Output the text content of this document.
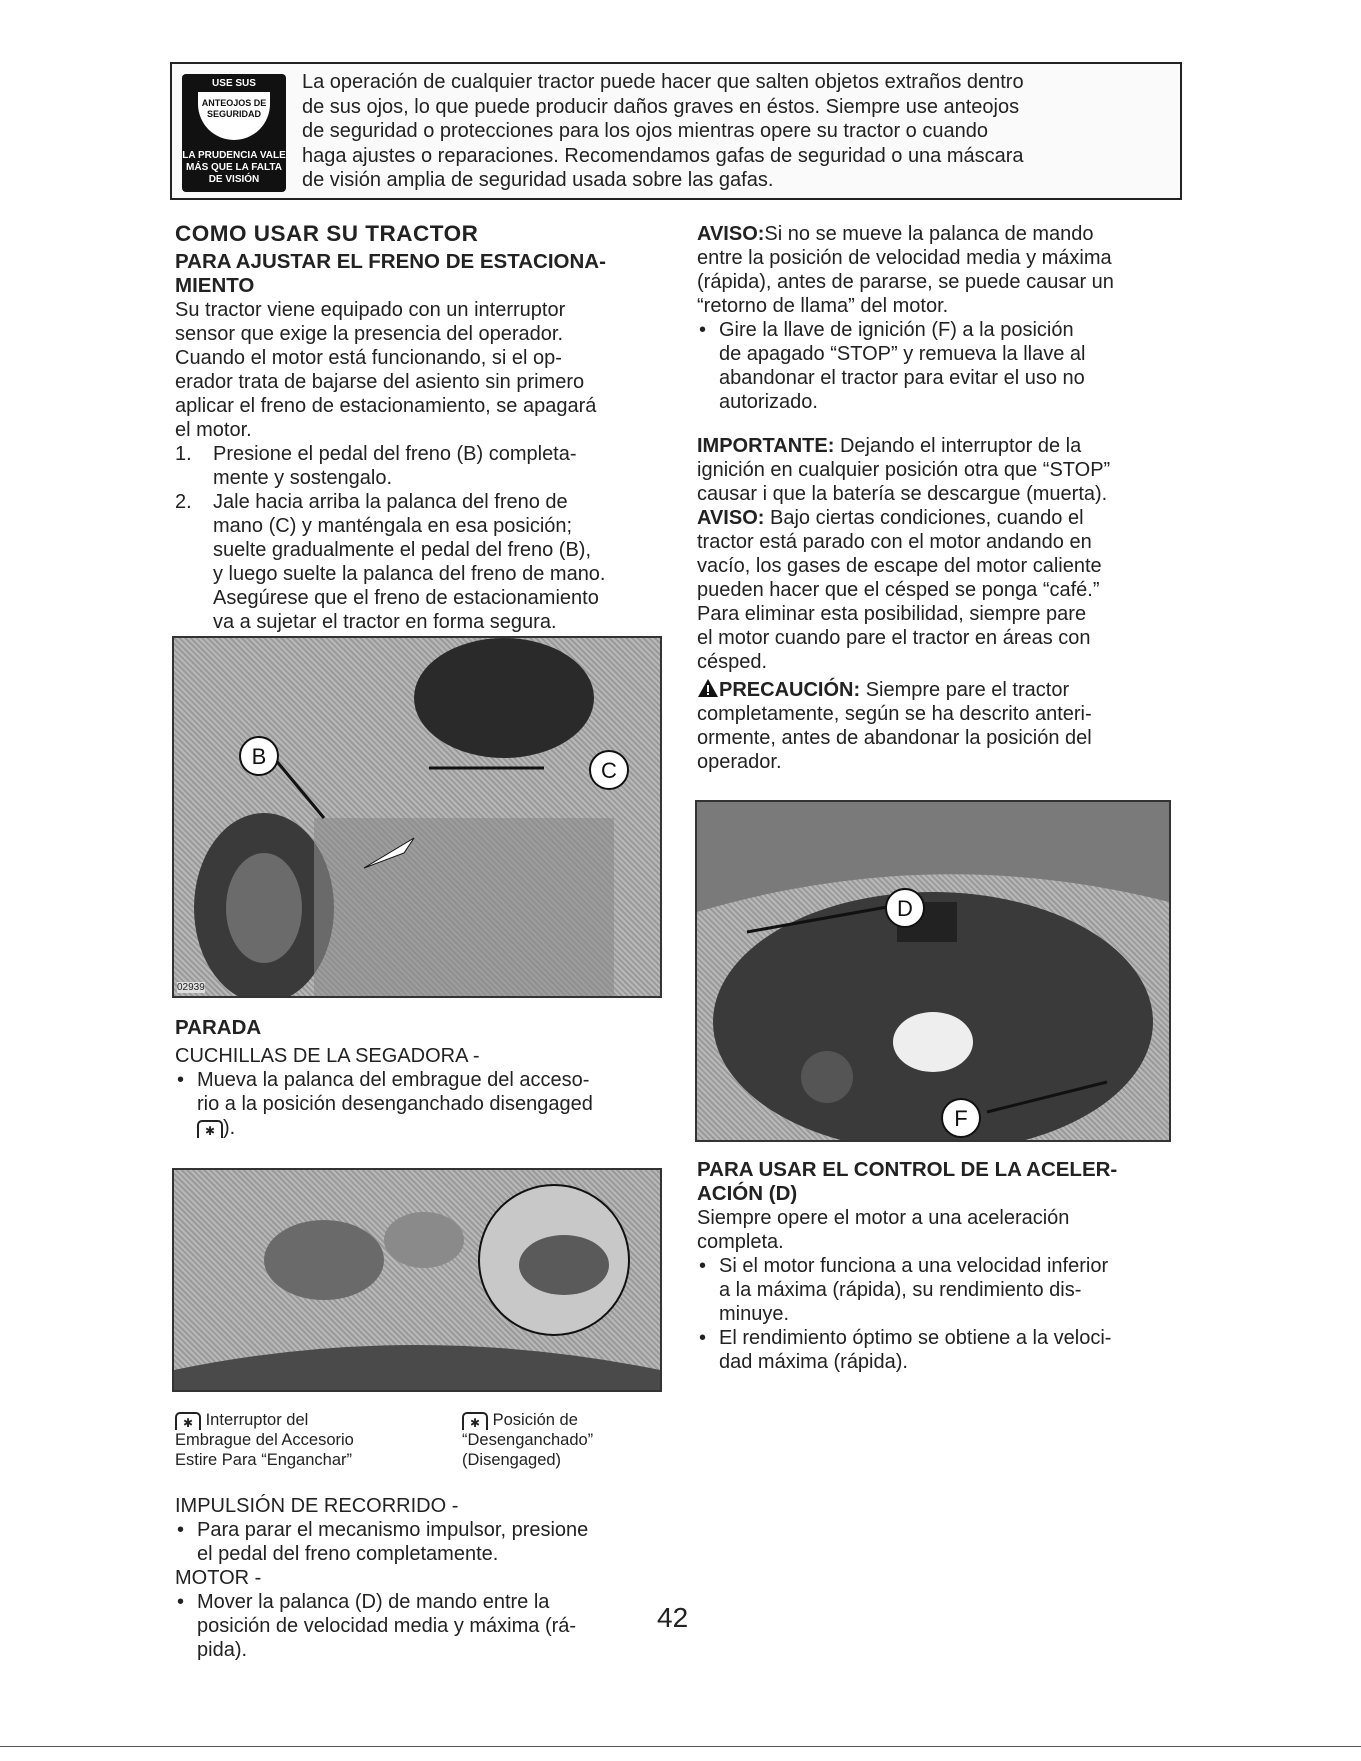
USE SUS
ANTEOJOS DE SEGURIDAD
LA PRUDENCIA VALE MÁS QUE LA FALTA DE VISIÓN
La operación de cualquier tractor puede hacer que salten objetos extraños dentro
de sus ojos, lo que puede producir daños graves en éstos. Siempre use anteojos
de seguridad o protecciones para los ojos mientras opere su tractor o cuando
haga ajustes o reparaciones. Recomendamos gafas de seguridad o una máscara
de visión amplia de seguridad usada sobre las gafas.
COMO USAR SU TRACTOR
PARA AJUSTAR EL FRENO DE ESTACIONA- MIENTO
Su tractor viene equipado con un interruptor
sensor que exige la presencia del operador.
Cuando el motor está funcionando, si el op-
erador trata de bajarse del asiento sin primero
aplicar el freno de estacionamiento, se apagará
el motor.
1. Presione el pedal del freno (B) completa-
mente y sostengalo.
2. Jale hacia arriba la palanca del freno de
mano (C) y manténgala en esa posición;
suelte gradualmente el pedal del freno (B),
y luego suelte la palanca del freno de mano.
Asegúrese que el freno de estacionamiento
va a sujetar el tractor en forma segura.
B
C
02939
PARADA
CUCHILLAS DE LA SEGADORA -
• Mueva la palanca del embrague del acceso-
rio a la posición desenganchado disengaged
✱ ).
✱ Interruptor del
Embrague del Accesorio
Estire Para “Enganchar”
✱ Posición de
“Desenganchado”
(Disengaged)
IMPULSIÓN DE RECORRIDO -
• Para parar el mecanismo impulsor, presione
el pedal del freno completamente.
MOTOR -
• Mover la palanca (D) de mando entre la
posición de velocidad media y máxima (rá-
pida).
AVISO:Si no se mueve la palanca de mando
entre la posición de velocidad media y máxima
(rápida), antes de pararse, se puede causar un
“retorno de llama” del motor.
• Gire la llave de ignición (F) a la posición
de apagado “STOP” y remueva la llave al
abandonar el tractor para evitar el uso no
autorizado.
IMPORTANTE: Dejando el interruptor de la
ignición en cualquier posición otra que “STOP”
causar i que la batería se descargue (muerta).
AVISO: Bajo ciertas condiciones, cuando el
tractor está parado con el motor andando en
vacío, los gases de escape del motor caliente
pueden hacer que el césped se ponga “café.”
Para eliminar esta posibilidad, siempre pare
el motor cuando pare el tractor en áreas con
césped.
PRECAUCIÓN: Siempre pare el tractor
completamente, según se ha descrito anteri-
ormente, antes de abandonar la posición del
operador.
D
F
PARA USAR EL CONTROL DE LA ACELER-
ACIÓN (D)
Siempre opere el motor a una aceleración
completa.
• Si el motor funciona a una velocidad inferior
a la máxima (rápida), su rendimiento dis-
minuye.
• El rendimiento óptimo se obtiene a la veloci-
dad máxima (rápida).
42
